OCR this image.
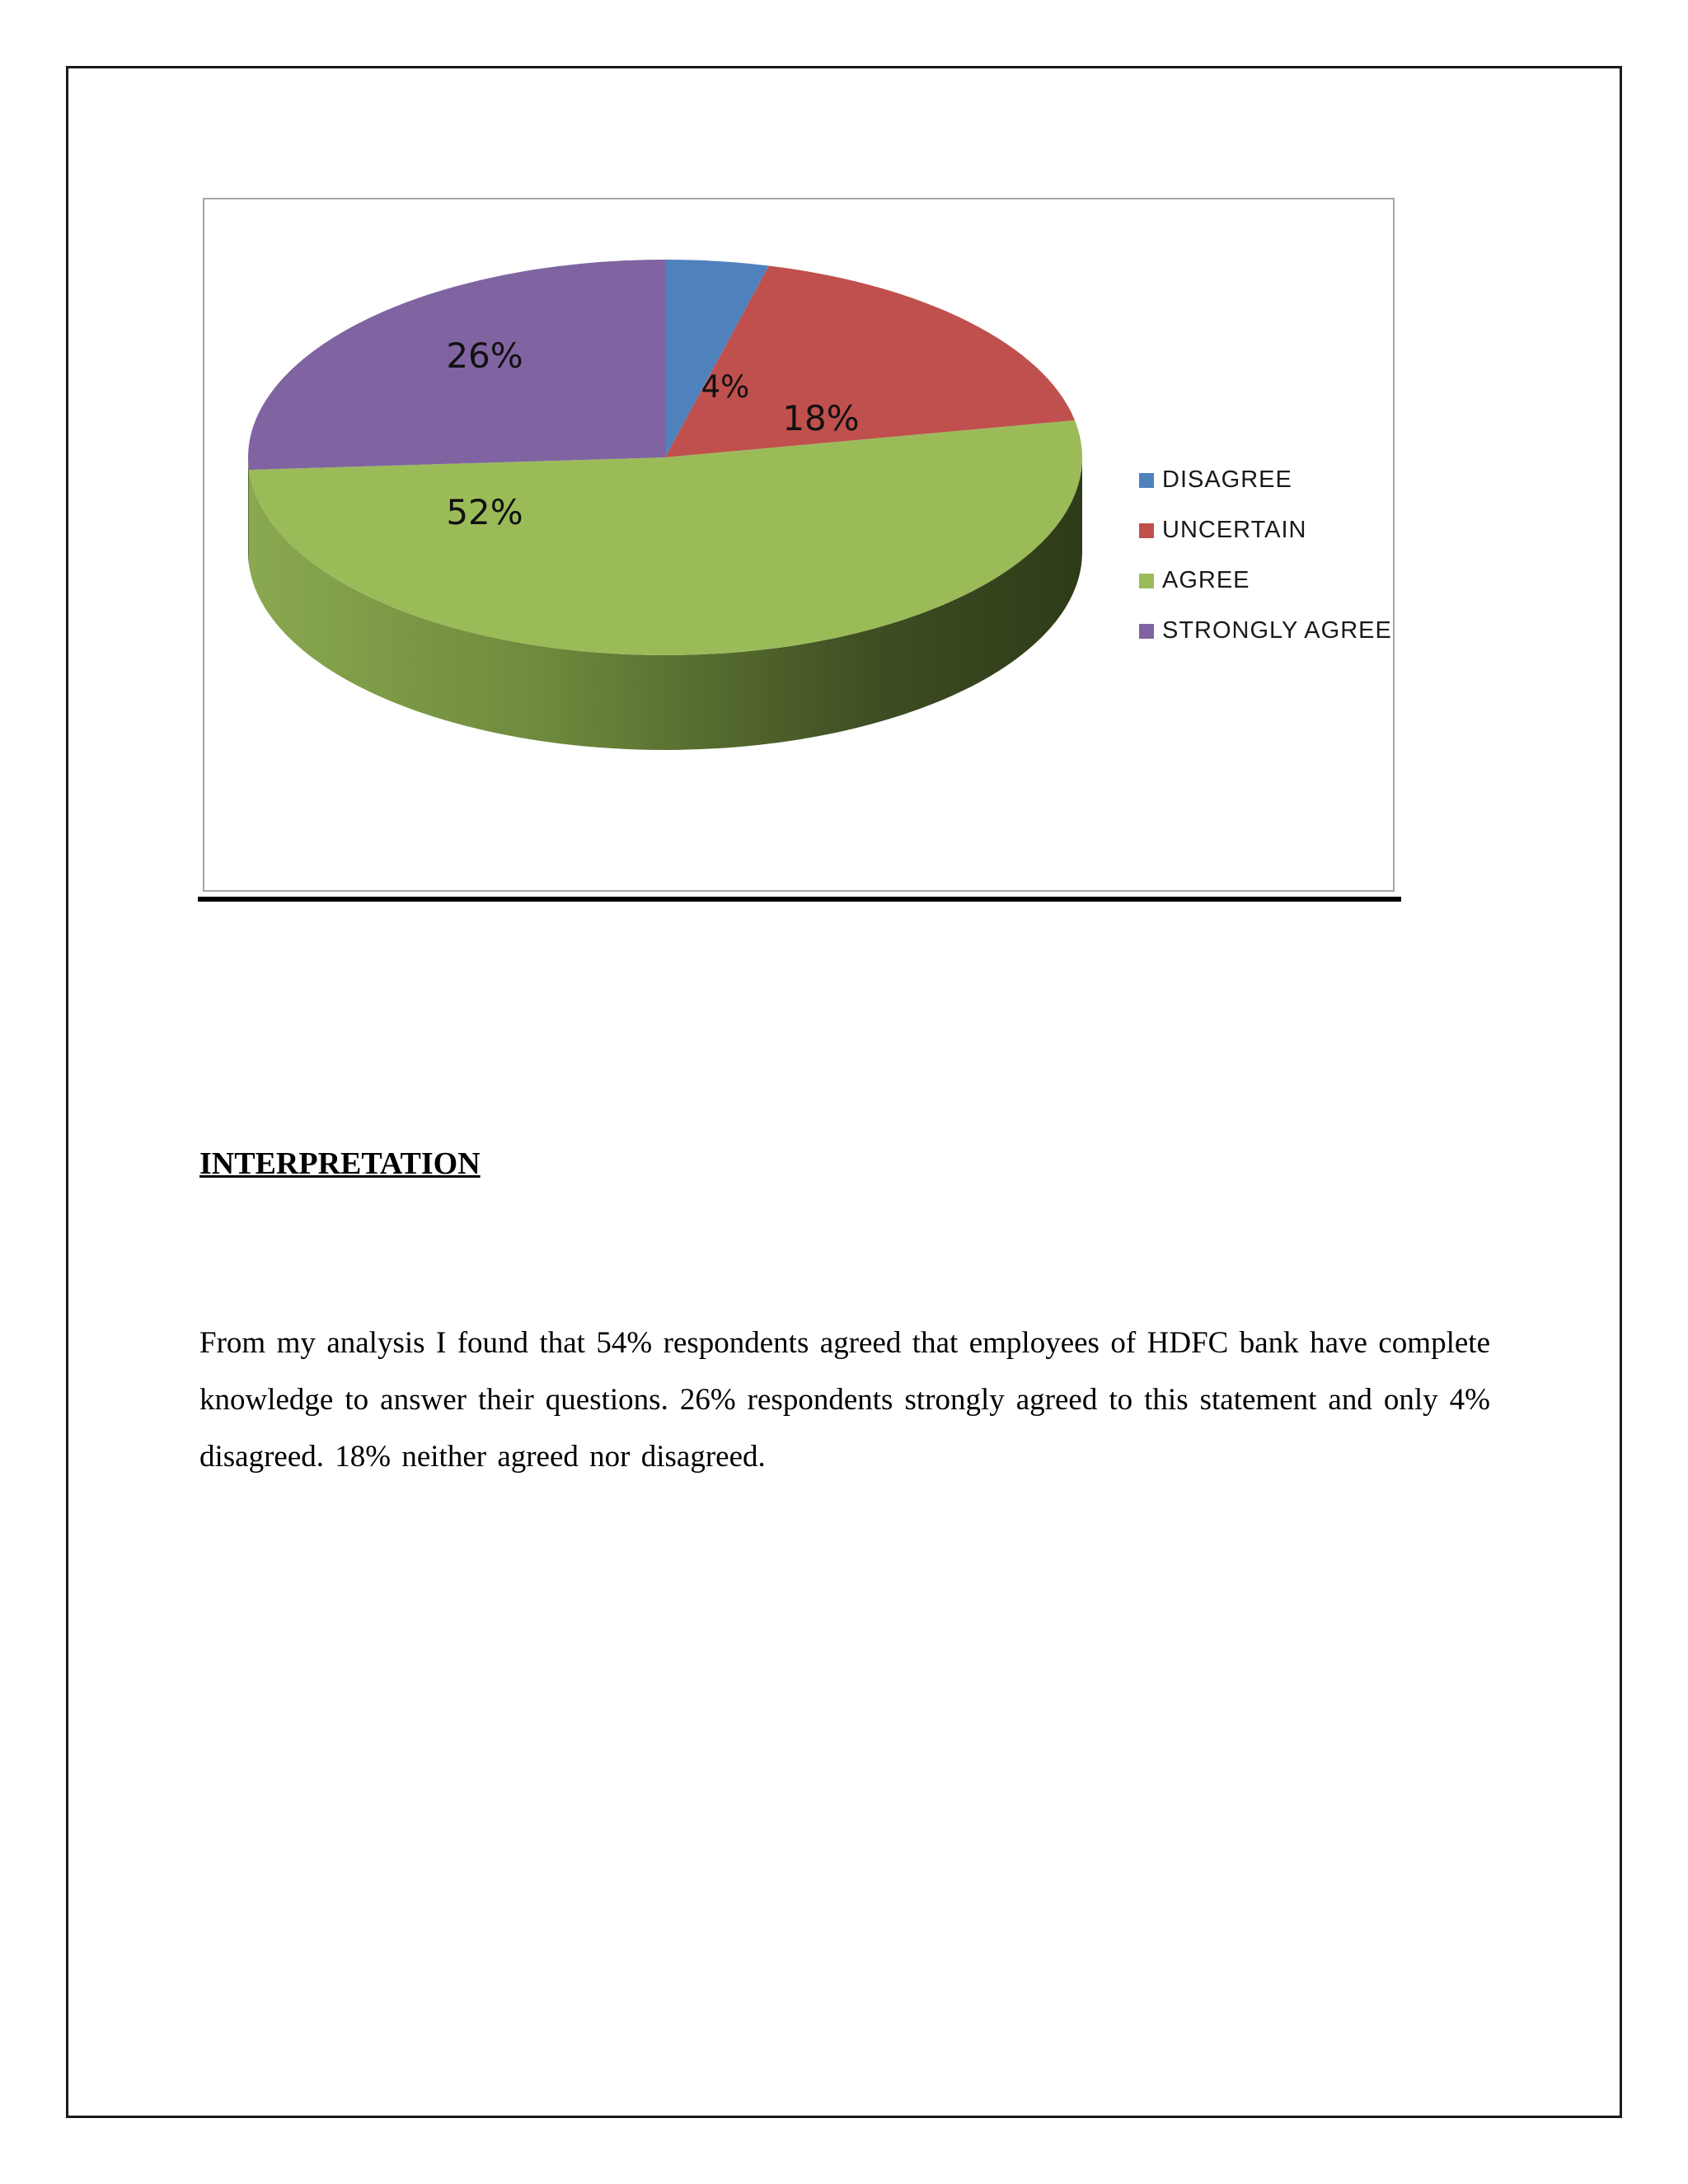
4%
18%
52%
26%
DISAGREE
UNCERTAIN
AGREE
STRONGLY AGREE
INTERPRETATION

From my analysis I found that 54% respondents agreed that employees of HDFC bank have complete knowledge to answer their questions. 26% respondents strongly agreed to this statement and only 4% disagreed. 18% neither agreed nor disagreed.
